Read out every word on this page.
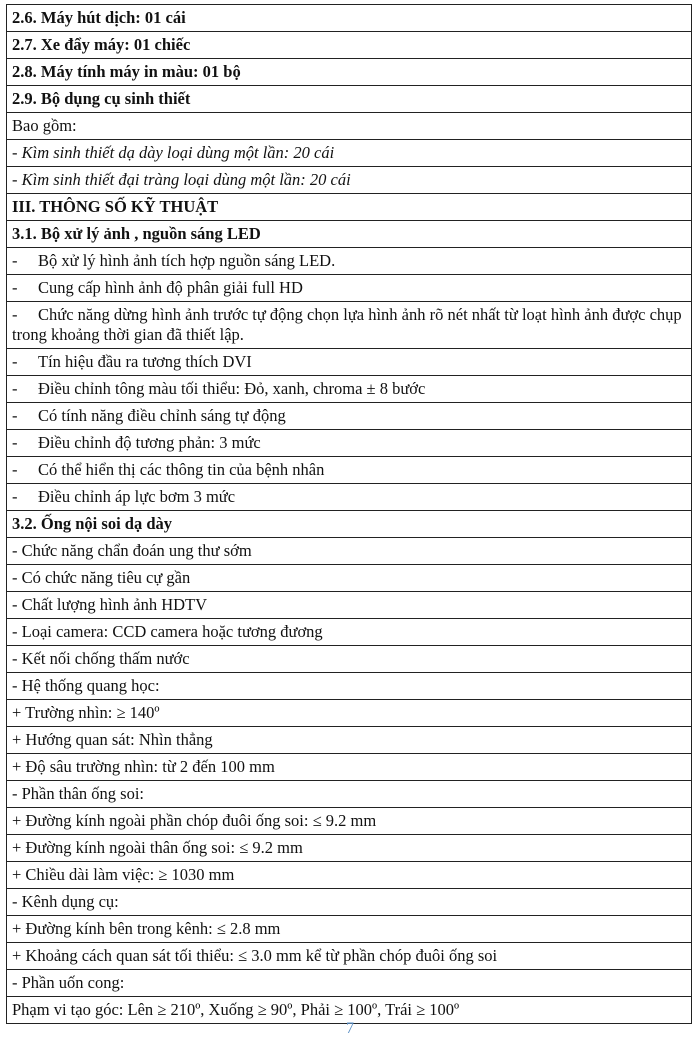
2.6. Máy hút dịch: 01 cái
2.7. Xe đẩy máy: 01 chiếc
2.8. Máy tính máy in màu: 01 bộ
2.9. Bộ dụng cụ sinh thiết
Bao gồm:
- Kìm sinh thiết dạ dày loại dùng một lần: 20 cái
- Kìm sinh thiết đại tràng loại dùng một lần: 20 cái
III. THÔNG SỐ KỸ THUẬT
3.1. Bộ xử lý ảnh , nguồn sáng LED
- Bộ xử lý hình ảnh tích hợp nguồn sáng LED.
- Cung cấp hình ảnh độ phân giải full HD
- Chức năng dừng hình ảnh trước tự động chọn lựa hình ảnh rõ nét nhất từ loạt hình ảnh được chụp trong khoảng thời gian đã thiết lập.
- Tín hiệu đầu ra tương thích DVI
- Điều chỉnh tông màu tối thiểu: Đỏ, xanh, chroma ± 8 bước
- Có tính năng điều chỉnh sáng tự động
- Điều chỉnh độ tương phản: 3 mức
- Có thể hiển thị các thông tin của bệnh nhân
- Điều chỉnh áp lực bơm 3 mức
3.2. Ống nội soi dạ dày
- Chức năng chẩn đoán ung thư sớm
- Có chức năng tiêu cự gần
- Chất lượng hình ảnh HDTV
- Loại camera: CCD camera hoặc tương đương
- Kết nối chống thấm nước
- Hệ thống quang học:
+ Trường nhìn: ≥ 140º
+ Hướng quan sát: Nhìn thẳng
+ Độ sâu trường nhìn: từ 2 đến 100 mm
- Phần thân ống soi:
+ Đường kính ngoài phần chóp đuôi ống soi: ≤ 9.2 mm
+ Đường kính ngoài thân ống soi: ≤ 9.2 mm
+ Chiều dài làm việc: ≥ 1030 mm
- Kênh dụng cụ:
+ Đường kính bên trong kênh: ≤ 2.8 mm
+ Khoảng cách quan sát tối thiểu: ≤ 3.0 mm kể từ phần chóp đuôi ống soi
- Phần uốn cong:
Phạm vi tạo góc: Lên ≥ 210º, Xuống ≥ 90º, Phải ≥ 100º, Trái ≥ 100º
7
